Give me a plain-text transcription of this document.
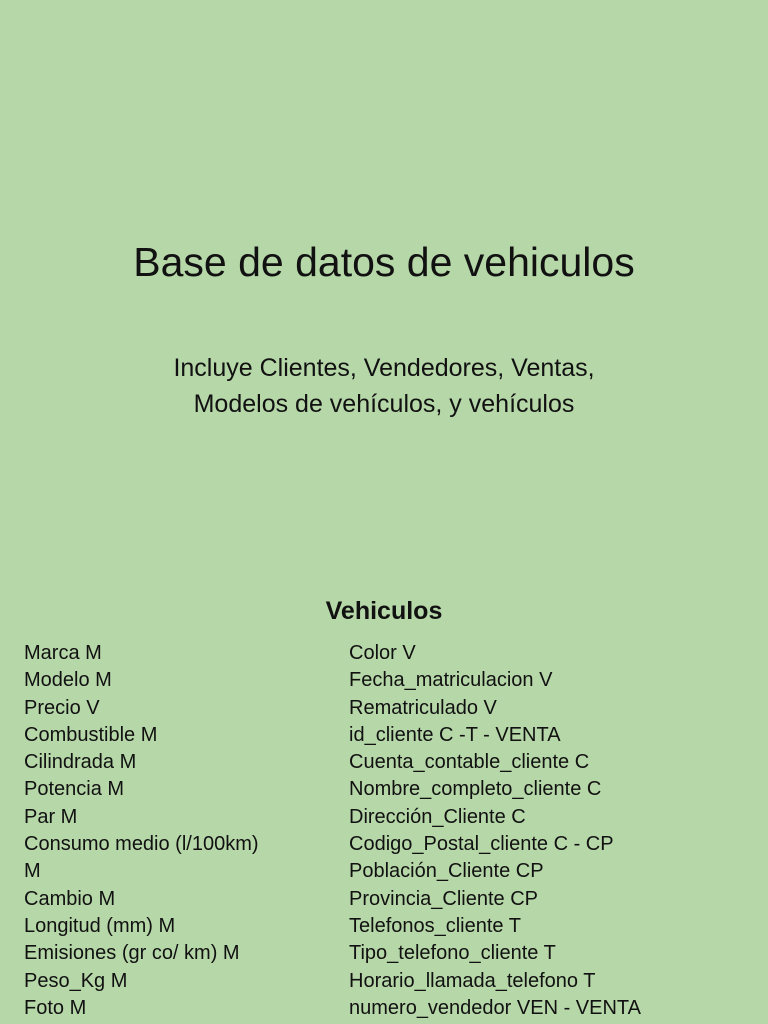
Base de datos de vehiculos
Incluye Clientes, Vendedores, Ventas,
Modelos de vehículos, y vehículos
Vehiculos
Marca M
Modelo M
Precio V
Combustible M
Cilindrada M
Potencia M
Par M
Consumo medio (l/100km)
M
Cambio M
Longitud (mm) M
Emisiones (gr co/ km) M
Peso_Kg M
Foto M
Color V
Fecha_matriculacion V
Rematriculado V
id_cliente C -T - VENTA
Cuenta_contable_cliente C
Nombre_completo_cliente C
Dirección_Cliente C
Codigo_Postal_cliente C - CP
Población_Cliente CP
Provincia_Cliente CP
Telefonos_cliente T
Tipo_telefono_cliente T
Horario_llamada_telefono T
numero_vendedor VEN - VENTA
